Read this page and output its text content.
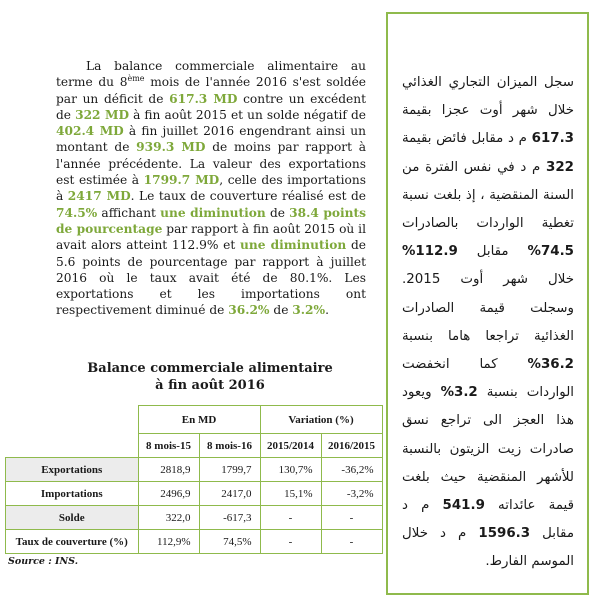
La balance commerciale alimentaire au terme du 8ème mois de l'année 2016 s'est soldée par un déficit de 617.3 MD contre un excédent de 322 MD à fin août 2015 et un solde négatif de 402.4 MD à fin juillet 2016 engendrant ainsi un montant de 939.3 MD de moins par rapport à l'année précédente. La valeur des exportations est estimée à 1799.7 MD, celle des importations à 2417 MD. Le taux de couverture réalisé est de 74.5% affichant une diminution de 38.4 points de pourcentage par rapport à fin août 2015 où il avait alors atteint 112.9% et une diminution de 5.6 points de pourcentage par rapport à juillet 2016 où le taux avait été de 80.1%. Les exportations et les importations ont respectivement diminué de 36.2% de 3.2%.

سجل الميزان التجاري الغذائي خلال شهر أوت عجزا بقيمة 617.3 م د مقابل فائض بقيمة 322 م د في نفس الفترة من السنة المنقضية ، إذ بلغت نسبة تغطية الواردات بالصادرات 74.5% مقابل 112.9% خلال شهر أوت 2015. وسجلت قيمة الصادرات الغذائية تراجعا هاما بنسبة 36.2% كما انخفضت الواردات بنسبة 3.2% ويعود هذا العجز الى تراجع نسق صادرات زيت الزيتون بالنسبة للأشهر المنقضية حيث بلغت قيمة عائداته 541.9 م د مقابل 1596.3 م د خلال الموسم الفارط.
Balance commerciale alimentaire
à fin août 2016
	En MD		Variation (%)	
	8 mois-15	8 mois-16	2015/2014	2016/2015
Exportations	2818,9	1799,7	130,7%	-36,2%
Importations	2496,9	2417,0	15,1%	-3,2%
Solde	322,0	-617,3	-	-
Taux de couverture (%)	112,9%	74,5%	-	-
Source : INS.
